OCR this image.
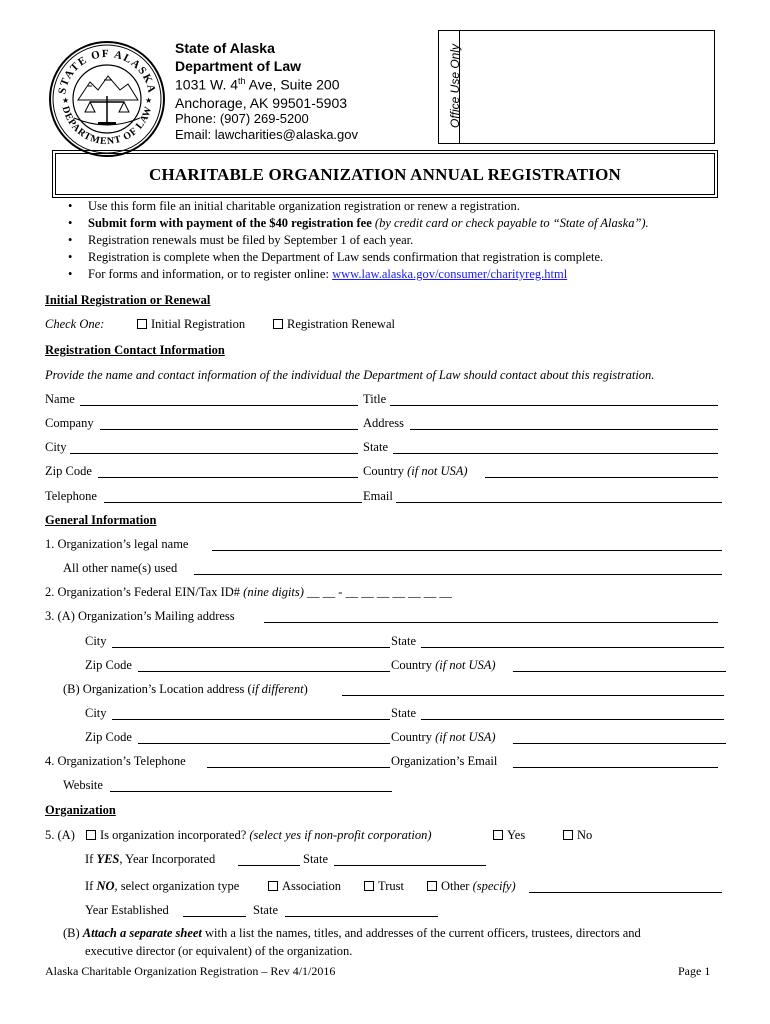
STATE OF ALASKA
DEPARTMENT OF LAW
★	★
State of Alaska
Department of Law
1031 W. 4th Ave, Suite 200
Anchorage, AK 99501-5903
Phone: (907) 269-5200
Email: lawcharities@alaska.gov
Office Use Only
CHARITABLE ORGANIZATION ANNUAL REGISTRATION
•     Use this form file an initial charitable organization registration or renew a registration.
•     Submit form with payment of the $40 registration fee (by credit card or check payable to “State of Alaska”).
•     Registration renewals must be filed by September 1 of each year.
•     Registration is complete when the Department of Law sends confirmation that registration is complete.
•     For forms and information, or to register online: www.law.alaska.gov/consumer/charityreg.html
Initial Registration or Renewal
Check One:	Initial Registration	Registration Renewal
Registration Contact Information
Provide the name and contact information of the individual the Department of Law should contact about this registration.
Name	Title
Company	Address
City	State
Zip Code	Country (if not USA)
Telephone	Email
General Information
1. Organization’s legal name
All other name(s) used
2. Organization’s Federal EIN/Tax ID# (nine digits) __ __ - __ __ __ __ __ __ __
3. (A) Organization’s Mailing address
City	State
Zip Code	Country (if not USA)
(B) Organization’s Location address (if different)
City	State
Zip Code	Country (if not USA)
4. Organization’s Telephone	Organization’s Email
Website
Organization
5. (A)	Is organization incorporated? (select yes if non-profit corporation)	Yes	No
If YES, Year Incorporated	State
If NO, select organization type	Association	Trust	Other (specify)
Year Established	State
(B) Attach a separate sheet with a list the names, titles, and addresses of the current officers, trustees, directors and
executive director (or equivalent) of the organization.
Alaska Charitable Organization Registration – Rev 4/1/2016	Page 1
